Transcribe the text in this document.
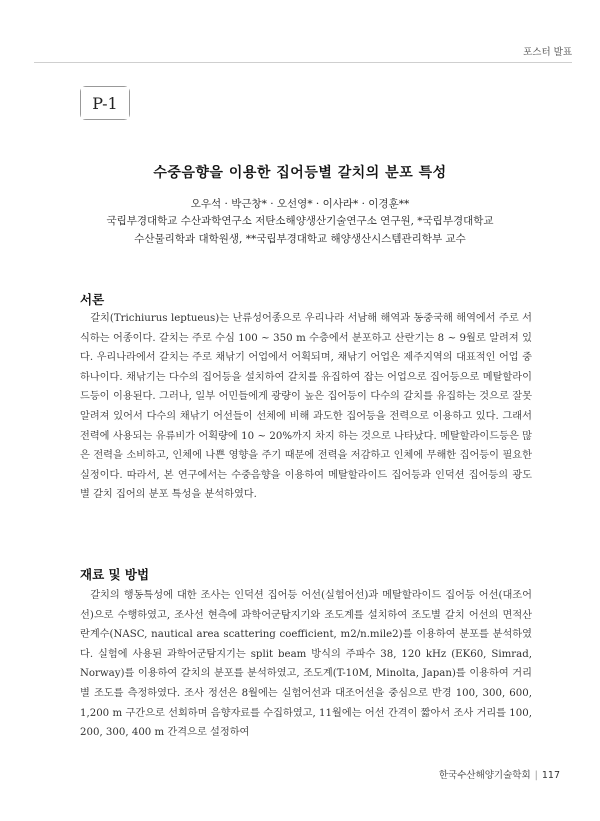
포스터 발표
P-1
수중음향을 이용한 집어등별 갈치의 분포 특성
오우석 · 박근창* · 오선영* · 이사라* · 이경훈**
국립부경대학교 수산과학연구소 저탄소해양생산기술연구소 연구원, *국립부경대학교
수산물리학과 대학원생, **국립부경대학교 해양생산시스템관리학부 교수
서론

갈치(Trichiurus leptueus)는 난류성어종으로 우리나라 서남해 해역과 동중국해 해역에서 주로 서식하는 어종이다. 갈치는 주로 수심 100 ~ 350 m 수층에서 분포하고 산란기는 8 ~ 9월로 알려져 있다. 우리나라에서 갈치는 주로 채낚기 어업에서 어획되며, 채낚기 어업은 제주지역의 대표적인 어업 중 하나이다. 채낚기는 다수의 집어등을 설치하여 갈치를 유집하여 잡는 어업으로 집어등으로 메탈할라이드등이 이용된다. 그러나, 일부 어민들에게 광량이 높은 집어등이 다수의 갈치를 유집하는 것으로 잘못 알려져 있어서 다수의 채낚기 어선들이 선체에 비해 과도한 집어등을 전력으로 이용하고 있다. 그래서 전력에 사용되는 유류비가 어획량에 10 ~ 20%까지 차지 하는 것으로 나타났다. 메탈할라이드등은 많은 전력을 소비하고, 인체에 나쁜 영향을 주기 때문에 전력을 저감하고 인체에 무해한 집어등이 필요한 실정이다. 따라서, 본 연구에서는 수중음향을 이용하여 메탈할라이드 집어등과 인덕션 집어등의 광도별 갈치 집어의 분포 특성을 분석하였다.

재료 및 방법

갈치의 행동특성에 대한 조사는 인덕션 집어등 어선(실험어선)과 메탈할라이드 집어등 어선(대조어선)으로 수행하였고, 조사선 현측에 과학어군탐지기와 조도계를 설치하여 조도별 갈치 어선의 면적산란계수(NASC, nautical area scattering coefficient, m2/n.mile2)를 이용하여 분포를 분석하였다. 실험에 사용된 과학어군탐지기는 split beam 방식의 주파수 38, 120 kHz (EK60, Simrad, Norway)를 이용하여 갈치의 분포를 분석하였고, 조도계(T-10M, Minolta, Japan)를 이용하여 거리별 조도를 측정하였다. 조사 정선은 8월에는 실험어선과 대조어선을 중심으로 반경 100, 300, 600, 1,200 m 구간으로 선회하며 음향자료를 수집하였고, 11월에는 어선 간격이 짧아서 조사 거리를 100, 200, 300, 400 m 간격으로 설정하여

한국수산해양기술학회 | 117
